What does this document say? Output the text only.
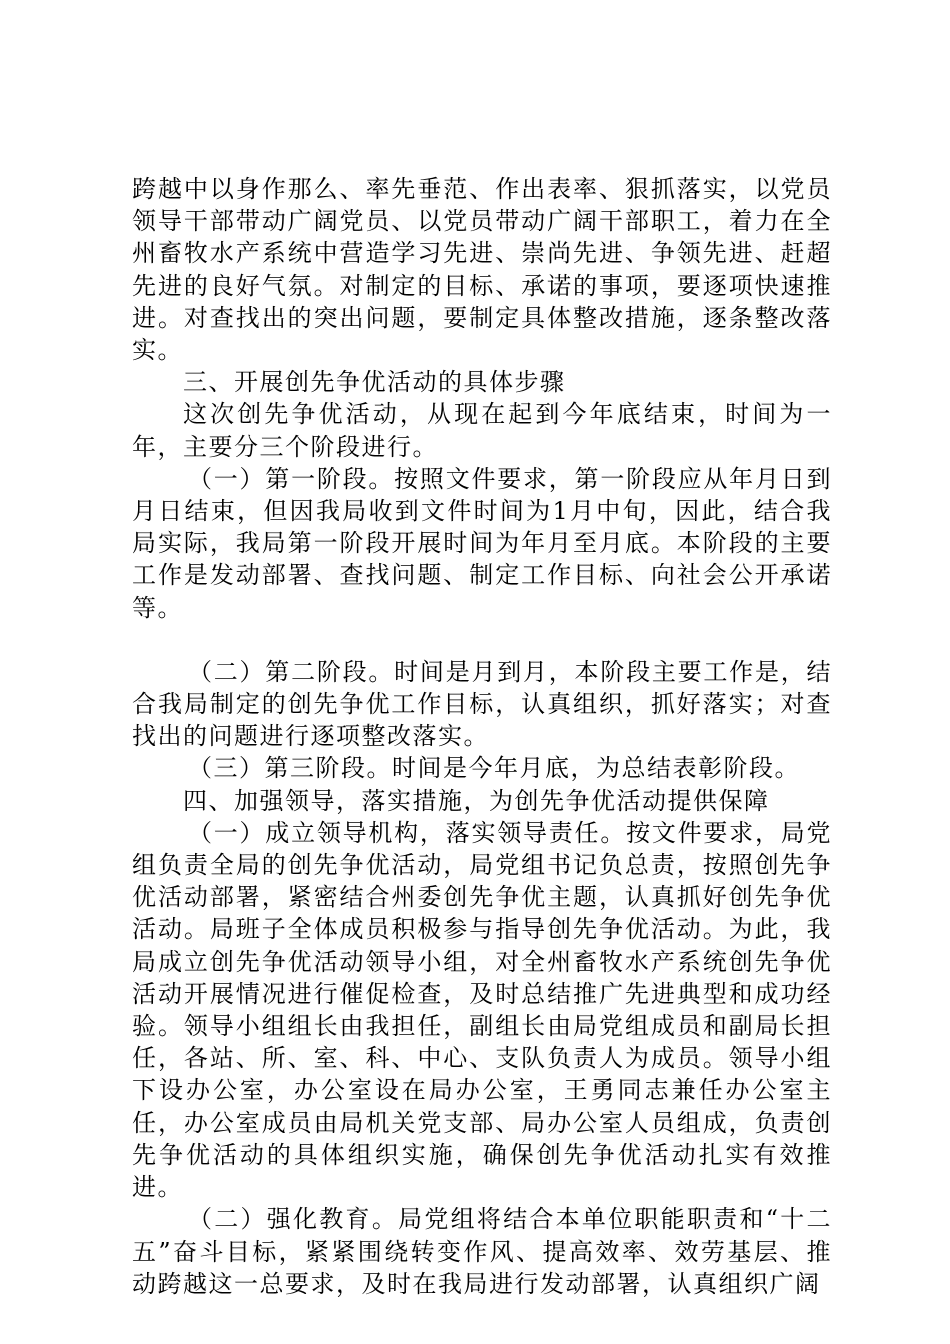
跨越中以身作那么、率先垂范、作出表率、狠抓落实，以党员领导干部带动广阔党员、以党员带动广阔干部职工，着力在全州畜牧水产系统中营造学习先进、崇尚先进、争领先进、赶超先进的良好气氛。对制定的目标、承诺的事项，要逐项快速推进。对查找出的突出问题，要制定具体整改措施，逐条整改落实。

三、开展创先争优活动的具体步骤

这次创先争优活动，从现在起到今年底结束，时间为一年，主要分三个阶段进行。

（一）第一阶段。按照文件要求，第一阶段应从年月日到月日结束，但因我局收到文件时间为1月中旬，因此，结合我局实际，我局第一阶段开展时间为年月至月底。本阶段的主要工作是发动部署、查找问题、制定工作目标、向社会公开承诺等。

（二）第二阶段。时间是月到月，本阶段主要工作是，结合我局制定的创先争优工作目标，认真组织，抓好落实；对查找出的问题进行逐项整改落实。

（三）第三阶段。时间是今年月底，为总结表彰阶段。

四、加强领导，落实措施，为创先争优活动提供保障

（一）成立领导机构，落实领导责任。按文件要求，局党组负责全局的创先争优活动，局党组书记负总责，按照创先争优活动部署，紧密结合州委创先争优主题，认真抓好创先争优活动。局班子全体成员积极参与指导创先争优活动。为此，我局成立创先争优活动领导小组，对全州畜牧水产系统创先争优活动开展情况进行催促检查，及时总结推广先进典型和成功经验。领导小组组长由我担任，副组长由局党组成员和副局长担任，各站、所、室、科、中心、支队负责人为成员。领导小组下设办公室，办公室设在局办公室，王勇同志兼任办公室主任，办公室成员由局机关党支部、局办公室人员组成，负责创先争优活动的具体组织实施，确保创先争优活动扎实有效推进。

（二）强化教育。局党组将结合本单位职能职责和“十二五”奋斗目标，紧紧围绕转变作风、提高效率、效劳基层、推动跨越这一总要求，及时在我局进行发动部署，认真组织广阔
